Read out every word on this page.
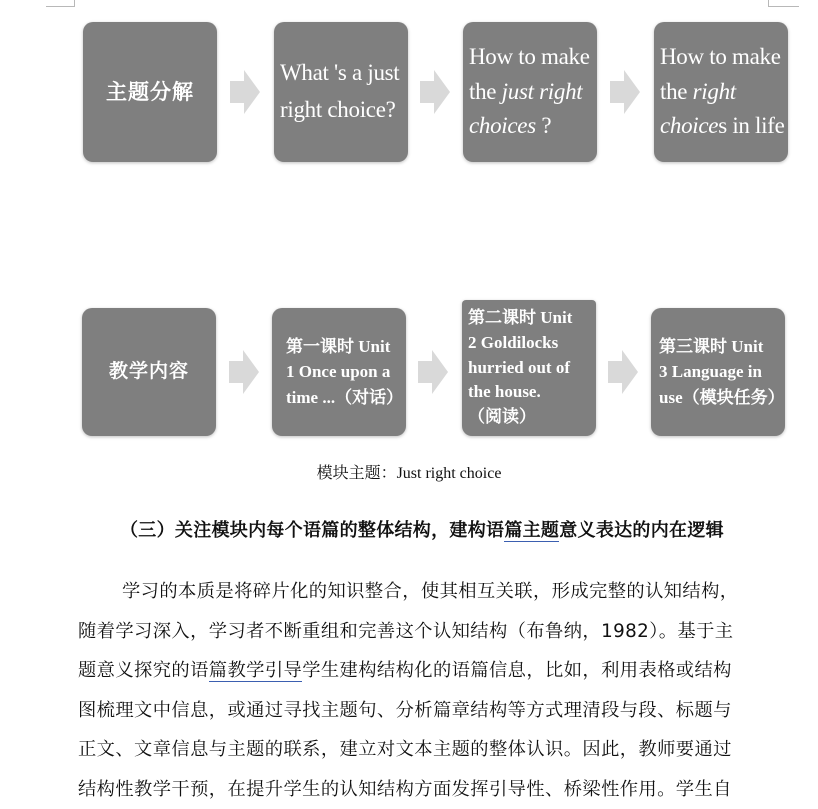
主题分解
What 's a just
right choice?
How to make
the just right
choices ?
How to make
the right
choices in life ?
教学内容
第一课时 Unit
1 Once upon a
time ...（对话）
第二课时 Unit
2 Goldilocks
hurried out of
the house.
（阅读）
第三课时 Unit
3 Language in
use（模块任务）
模块主题：Just right choice
（三）关注模块内每个语篇的整体结构，建构语篇主题意义表达的内在逻辑
学习的本质是将碎片化的知识整合，使其相互关联，形成完整的认知结构，
随着学习深入，学习者不断重组和完善这个认知结构（布鲁纳，1982）。基于主
题意义探究的语篇教学引导学生建构结构化的语篇信息，比如，利用表格或结构
图梳理文中信息，或通过寻找主题句、分析篇章结构等方式理清段与段、标题与
正文、文章信息与主题的联系，建立对文本主题的整体认识。因此，教师要通过
结构性教学干预，在提升学生的认知结构方面发挥引导性、桥梁性作用。学生自
